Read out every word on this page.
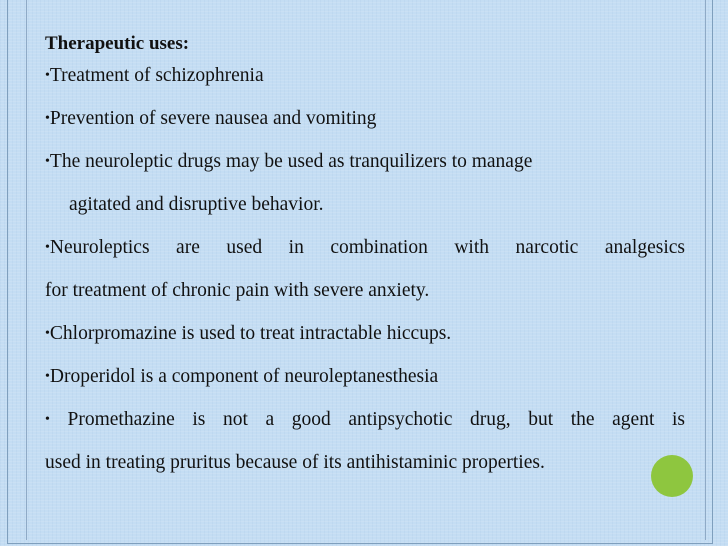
Therapeutic uses:
•Treatment of schizophrenia
•Prevention of severe nausea and vomiting
•The neuroleptic drugs may be used as tranquilizers to manage
agitated and disruptive behavior.
•Neuroleptics are used in combination with narcotic analgesics
for treatment of chronic pain with severe anxiety.
•Chlorpromazine is used to treat intractable hiccups.
•Droperidol is a component of neuroleptanesthesia
• Promethazine is not a good antipsychotic drug, but the agent is
used in treating pruritus because of its antihistaminic properties.
